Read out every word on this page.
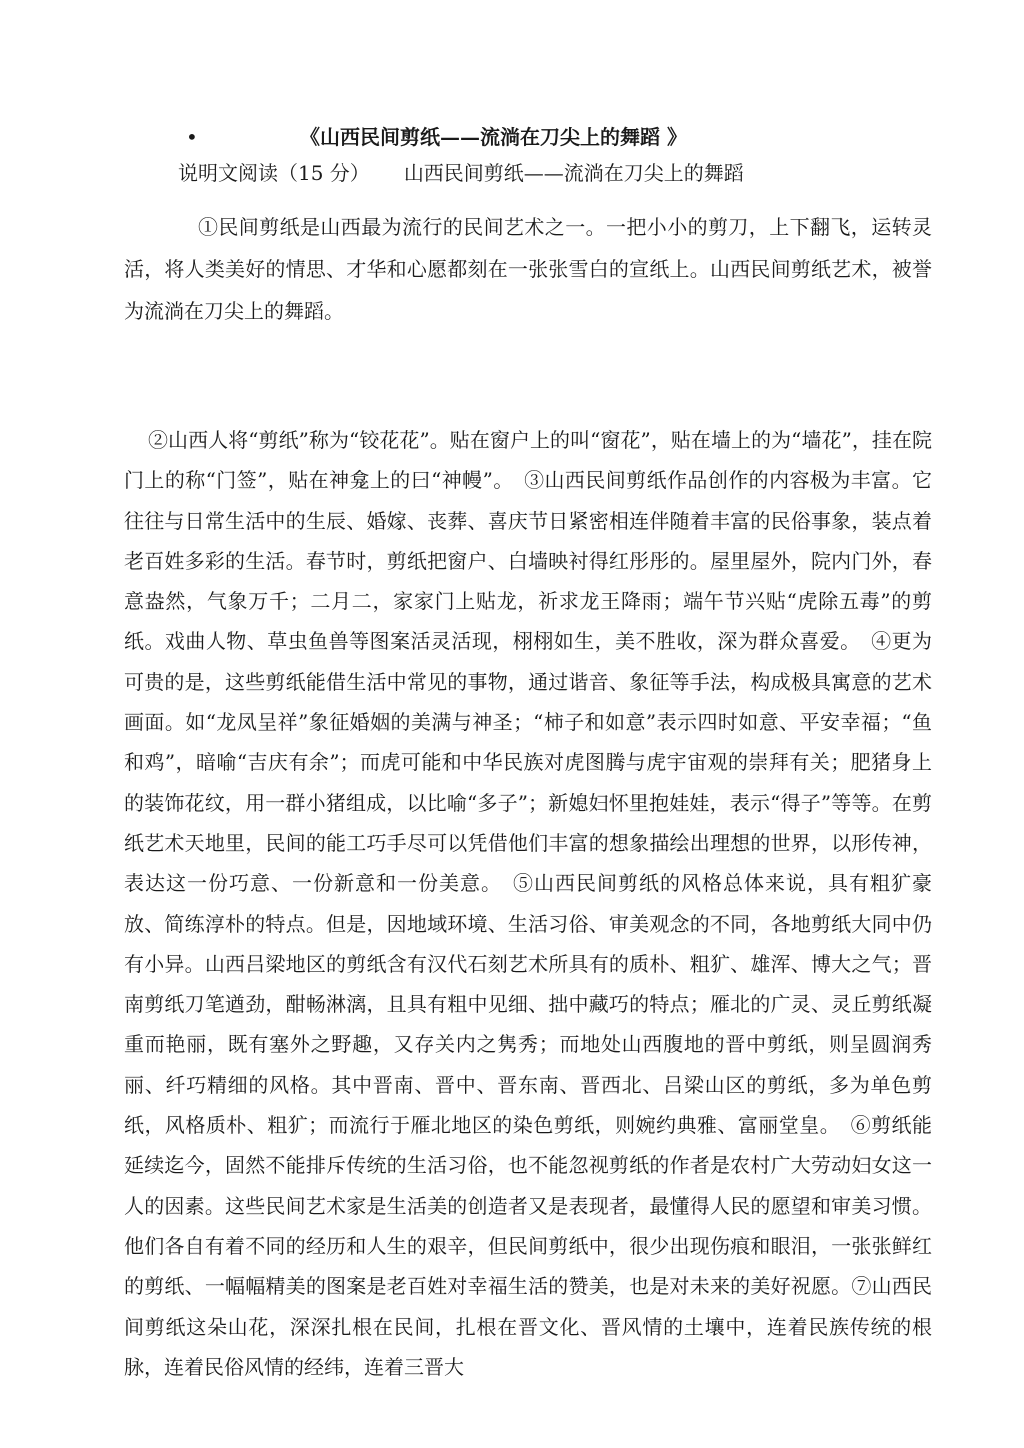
•	《山西民间剪纸——流淌在刀尖上的舞蹈 》
说明文阅读（15 分） 山西民间剪纸——流淌在刀尖上的舞蹈

①民间剪纸是山西最为流行的民间艺术之一。一把小小的剪刀，上下翻飞，运转灵活，将人类美好的情思、才华和心愿都刻在一张张雪白的宣纸上。山西民间剪纸艺术，被誉为流淌在刀尖上的舞蹈。

②山西人将“剪纸”称为“铰花花”。贴在窗户上的叫“窗花”，贴在墙上的为“墙花”，挂在院门上的称“门签”，贴在神龛上的曰“神幔”。　③山西民间剪纸作品创作的内容极为丰富。它往往与日常生活中的生辰、婚嫁、丧葬、喜庆节日紧密相连伴随着丰富的民俗事象，装点着老百姓多彩的生活。春节时，剪纸把窗户、白墙映衬得红彤彤的。屋里屋外，院内门外，春意盎然，气象万千；二月二，家家门上贴龙，祈求龙王降雨；端午节兴贴“虎除五毒”的剪纸。戏曲人物、草虫鱼兽等图案活灵活现，栩栩如生，美不胜收，深为群众喜爱。　④更为可贵的是，这些剪纸能借生活中常见的事物，通过谐音、象征等手法，构成极具寓意的艺术画面。如“龙凤呈祥”象征婚姻的美满与神圣；“柿子和如意”表示四时如意、平安幸福；“鱼和鸡”，暗喻“吉庆有余”；而虎可能和中华民族对虎图腾与虎宇宙观的崇拜有关；肥猪身上的装饰花纹，用一群小猪组成，以比喻“多子”；新媳妇怀里抱娃娃，表示“得子”等等。在剪纸艺术天地里，民间的能工巧手尽可以凭借他们丰富的想象描绘出理想的世界，以形传神，表达这一份巧意、一份新意和一份美意。　⑤山西民间剪纸的风格总体来说，具有粗犷豪放、简练淳朴的特点。但是，因地域环境、生活习俗、审美观念的不同，各地剪纸大同中仍有小异。山西吕梁地区的剪纸含有汉代石刻艺术所具有的质朴、粗犷、雄浑、博大之气；晋南剪纸刀笔遒劲，酣畅淋漓，且具有粗中见细、拙中藏巧的特点；雁北的广灵、灵丘剪纸凝重而艳丽，既有塞外之野趣，又存关内之隽秀；而地处山西腹地的晋中剪纸，则呈圆润秀丽、纤巧精细的风格。其中晋南、晋中、晋东南、晋西北、吕梁山区的剪纸，多为单色剪纸，风格质朴、粗犷；而流行于雁北地区的染色剪纸，则婉约典雅、富丽堂皇。　⑥剪纸能延续迄今，固然不能排斥传统的生活习俗，也不能忽视剪纸的作者是农村广大劳动妇女这一人的因素。这些民间艺术家是生活美的创造者又是表现者，最懂得人民的愿望和审美习惯。他们各自有着不同的经历和人生的艰辛，但民间剪纸中，很少出现伤痕和眼泪，一张张鲜红的剪纸、一幅幅精美的图案是老百姓对幸福生活的赞美，也是对未来的美好祝愿。⑦山西民间剪纸这朵山花，深深扎根在民间，扎根在晋文化、晋风情的土壤中，连着民族传统的根脉，连着民俗风情的经纬，连着三晋大
